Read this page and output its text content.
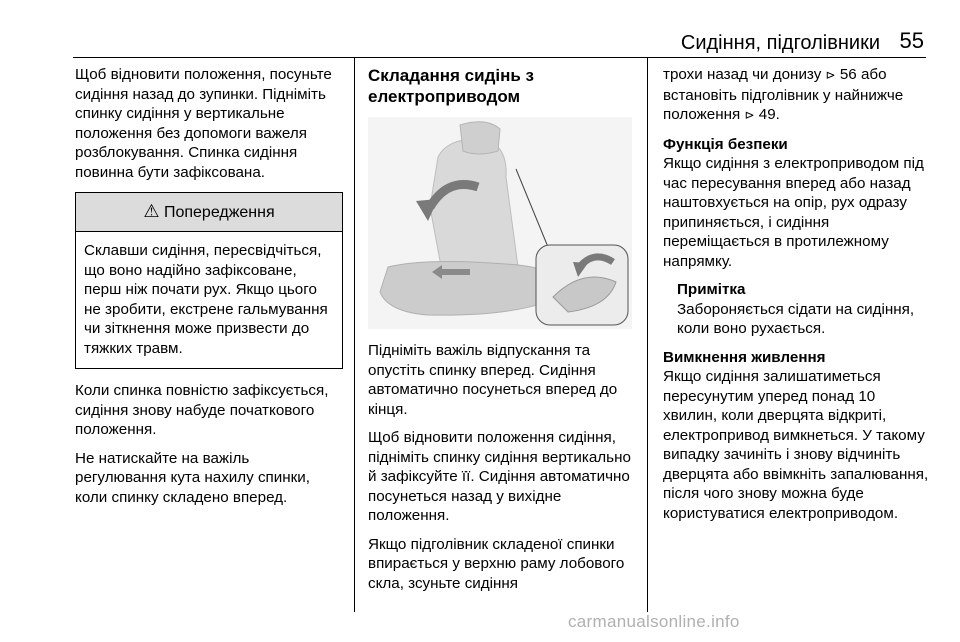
Сидіння, підголівники 55

Щоб відновити положення, посуньте сидіння назад до зупинки. Підніміть спинку сидіння у вертикальне положення без допомоги важеля розблокування. Спинка сидіння повинна бути зафіксована.

⚠ Попередження
Склавши сидіння, пересвідчіться, що воно надійно зафіксоване, перш ніж почати рух. Якщо цього не зробити, екстрене гальмування чи зіткнення може призвести до тяжких травм.

Коли спинка повністю зафіксується, сидіння знову набуде початкового положення.

Не натискайте на важіль регулювання кута нахилу спинки, коли спинку складено вперед.

Складання сидінь з електроприводом

Підніміть важіль відпускання та опустіть спинку вперед. Сидіння автоматично посунеться вперед до кінця.

Щоб відновити положення сидіння, підніміть спинку сидіння вертикально й зафіксуйте її. Сидіння автоматично посунеться назад у вихідне положення.

Якщо підголівник складеної спинки впирається у верхню раму лобового скла, зсуньте сидіння

трохи назад чи донизу ⊳ 56 або встановіть підголівник у найнижче положення ⊳ 49.

Функція безпеки

Якщо сидіння з електроприводом під час пересування вперед або назад наштовхується на опір, рух одразу припиняється, і сидіння переміщається в протилежному напрямку.

Примітка

Забороняється сідати на сидіння, коли воно рухається.

Вимкнення живлення

Якщо сидіння залишатиметься пересунутим уперед понад 10 хвилин, коли дверцята відкриті, електропривод вимкнеться. У такому випадку зачиніть і знову відчиніть дверцята або ввімкніть запалювання, після чого знову можна буде користуватися електроприводом.

carmanualsonline.info
